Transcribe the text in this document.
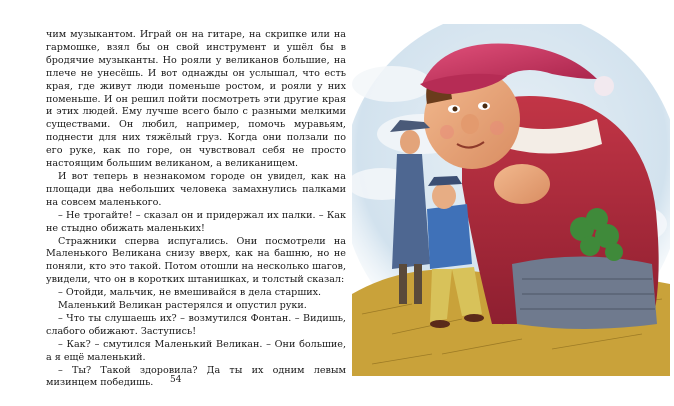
чим музыкантом. Играй он на гитаре, на скрипке или на гармошке, взял бы он свой инструмент и ушёл бы в бродячие музыканты. Но рояли у великанов большие, на плече не унесёшь. И вот однажды он услышал, что есть края, где живут люди поменьше ростом, и рояли у них поменьше. И он решил пойти посмотреть эти другие края и этих людей. Ему лучше всего было с разными мелкими существами. Он любил, например, помочь муравьям, поднести для них тяжёлый груз. Когда они ползали по его руке, как по горе, он чувствовал себя не просто настоящим большим великаном, а великанищем.

И вот теперь в незнакомом городе он увидел, как на площади два небольших человека замахнулись палками на совсем маленького.

– Не трогайте! – сказал он и придержал их палки. – Как не стыдно обижать маленьких!

Стражники сперва испугались. Они посмотрели на Маленького Великана снизу вверх, как на башню, но не поняли, кто это такой. Потом отошли на несколько шагов, увидели, что он в коротких штанишках, и толстый сказал:

– Отойди, мальчик, не вмешивайся в дела старших.

Маленький Великан растерялся и опустил руки.

– Что ты слушаешь их? – возмутился Фонтан. – Видишь, слабого обижают. Заступись!

– Как? – смутился Маленький Великан. – Они большие, а я ещё маленький.

– Ты? Такой здоровила? Да ты их одним левым мизинцем победишь.	54
